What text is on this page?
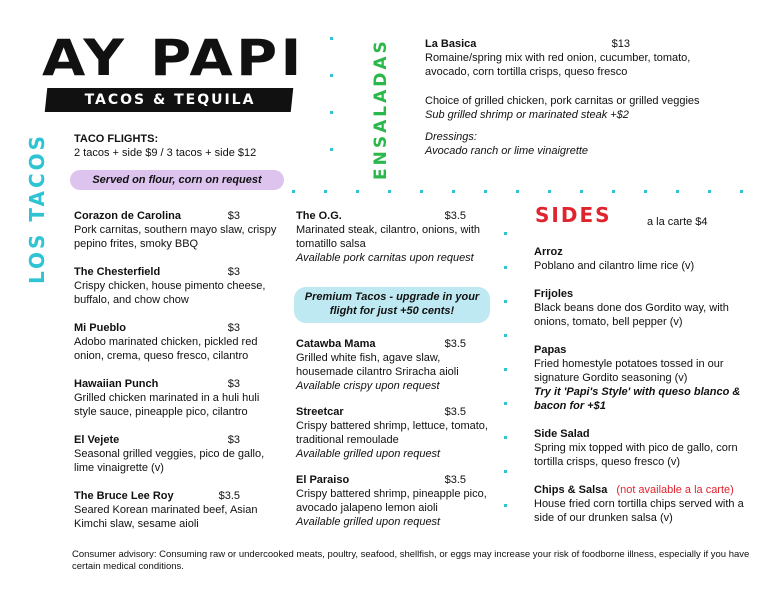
AY PAPI
TACOS & TEQUILA
LOS TACOS
ENSALADAS
TACO FLIGHTS:
2 tacos + side $9 / 3 tacos + side $12
Served on flour, corn on request
La Basica	$13
Romaine/spring mix with red onion, cucumber, tomato, avocado, corn tortilla crisps, queso fresco
Choice of grilled chicken, pork carnitas or grilled veggies
Sub grilled shrimp or marinated steak +$2
Dressings:
Avocado ranch or lime vinaigrette
Corazon de Carolina	$3
Pork carnitas, southern mayo slaw, crispy pepino frites, smoky BBQ
The Chesterfield	$3
Crispy chicken, house pimento cheese, buffalo, and chow chow
Mi Pueblo	$3
Adobo marinated chicken, pickled red onion, crema, queso fresco, cilantro
Hawaiian Punch	$3
Grilled chicken marinated in a huli huli style sauce, pineapple pico, cilantro
El Vejete	$3
Seasonal grilled veggies, pico de gallo, lime vinaigrette (v)
The Bruce Lee Roy	$3.5
Seared Korean marinated beef, Asian Kimchi slaw, sesame aioli
The O.G.	$3.5
Marinated steak, cilantro, onions, with tomatillo salsa
Available pork carnitas upon request
Premium Tacos - upgrade in your flight for just +50 cents!
Catawba Mama	$3.5
Grilled white fish, agave slaw, housemade cilantro Sriracha aioli
Available crispy upon request
Streetcar	$3.5
Crispy battered shrimp, lettuce, tomato, traditional remoulade
Available grilled upon request
El Paraiso	$3.5
Crispy battered shrimp, pineapple pico, avocado jalapeno lemon aioli
Available grilled upon request
SIDES	a la carte $4
Arroz
Poblano and cilantro lime rice (v)
Frijoles
Black beans done dos Gordito way, with onions, tomato, bell pepper (v)
Papas
Fried homestyle potatoes tossed in our signature Gordito seasoning (v)
Try it 'Papi's Style' with queso blanco & bacon for +$1
Side Salad
Spring mix topped with pico de gallo, corn tortilla crisps, queso fresco (v)
Chips & Salsa (not available a la carte)
House fried corn tortilla chips served with a side of our drunken salsa (v)
Consumer advisory: Consuming raw or undercooked meats, poultry, seafood, shellfish, or eggs may increase your risk of foodborne illness, especially if you have certain medical conditions.
